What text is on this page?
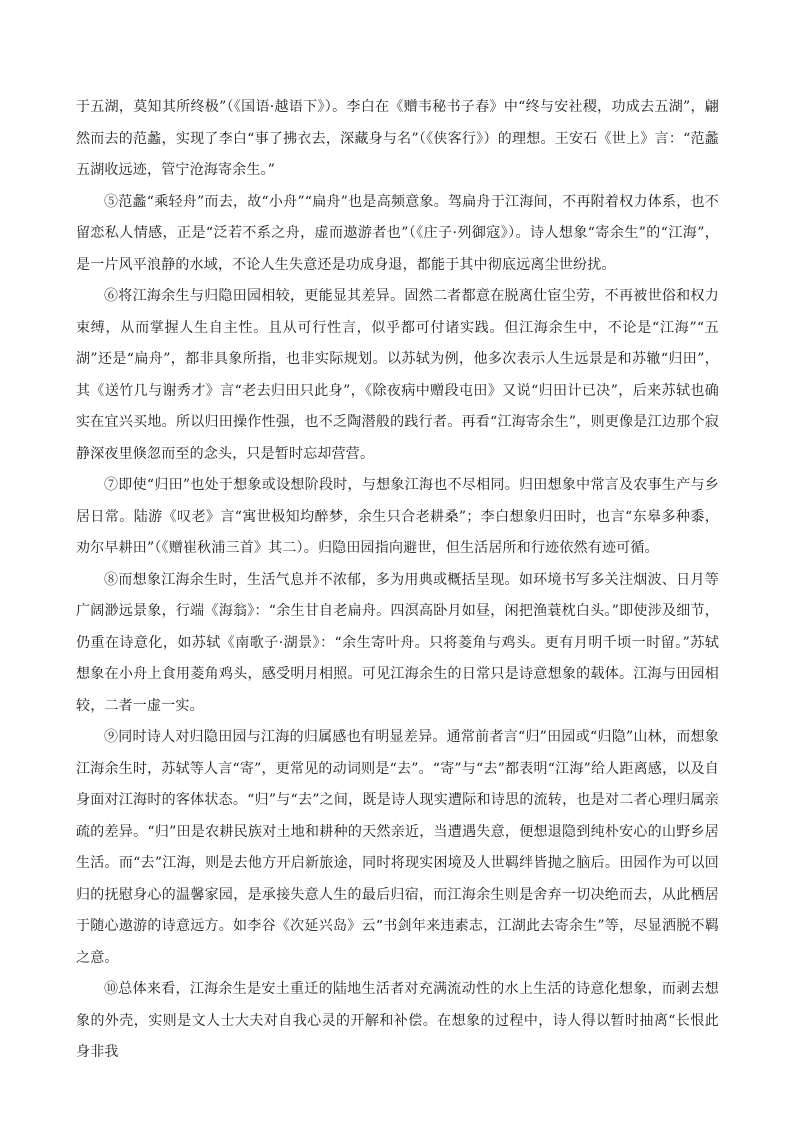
于五湖，莫知其所终极”（《国语·越语下》）。李白在《赠韦秘书子春》中“终与安社稷，功成去五湖”，翩然而去的范蠡，实现了李白“事了拂衣去，深藏身与名”（《侠客行》）的理想。王安石《世上》言：“范蠡五湖收远迹，管宁沧海寄余生。”

⑤范蠡“乘轻舟”而去，故“小舟”“扁舟”也是高频意象。驾扁舟于江海间，不再附着权力体系，也不留恋私人情感，正是“泛若不系之舟，虚而遨游者也”（《庄子·列御寇》）。诗人想象“寄余生”的“江海”，是一片风平浪静的水域，不论人生失意还是功成身退，都能于其中彻底远离尘世纷扰。

⑥将江海余生与归隐田园相较，更能显其差异。固然二者都意在脱离仕宦尘劳，不再被世俗和权力束缚，从而掌握人生自主性。且从可行性言，似乎都可付诸实践。但江海余生中，不论是“江海”“五湖”还是“扁舟”，都非具象所指，也非实际规划。以苏轼为例，他多次表示人生远景是和苏辙“归田”，其《送竹几与谢秀才》言“老去归田只此身”，《除夜病中赠段屯田》又说“归田计已决”，后来苏轼也确实在宜兴买地。所以归田操作性强，也不乏陶潜般的践行者。再看“江海寄余生”，则更像是江边那个寂静深夜里倏忽而至的念头，只是暂时忘却营营。

⑦即使“归田”也处于想象或设想阶段时，与想象江海也不尽相同。归田想象中常言及农事生产与乡居日常。陆游《叹老》言“寓世极知均醉梦，余生只合老耕桑”；李白想象归田时，也言“东皋多种黍，劝尔早耕田”（《赠崔秋浦三首》其二）。归隐田园指向避世，但生活居所和行迹依然有迹可循。

⑧而想象江海余生时，生活气息并不浓郁，多为用典或概括呈现。如环境书写多关注烟波、日月等广阔渺远景象，行端《海翁》：“余生甘自老扁舟。四溟高卧月如昼，闲把渔蓑枕白头。”即使涉及细节，仍重在诗意化，如苏轼《南歌子·湖景》：“余生寄叶舟。只将菱角与鸡头。更有月明千顷一时留。”苏轼想象在小舟上食用菱角鸡头，感受明月相照。可见江海余生的日常只是诗意想象的载体。江海与田园相较，二者一虚一实。

⑨同时诗人对归隐田园与江海的归属感也有明显差异。通常前者言“归”田园或“归隐”山林，而想象江海余生时，苏轼等人言“寄”，更常见的动词则是“去”。“寄”与“去”都表明“江海”给人距离感，以及自身面对江海时的客体状态。“归”与“去”之间，既是诗人现实遭际和诗思的流转，也是对二者心理归属亲疏的差异。“归”田是农耕民族对土地和耕种的天然亲近，当遭遇失意，便想退隐到纯朴安心的山野乡居生活。而“去”江海，则是去他方开启新旅途，同时将现实困境及人世羁绊皆抛之脑后。田园作为可以回归的抚慰身心的温馨家园，是承接失意人生的最后归宿，而江海余生则是舍弃一切决绝而去，从此栖居于随心遨游的诗意远方。如李谷《次延兴岛》云“书剑年来违素志，江湖此去寄余生”等，尽显洒脱不羁之意。

⑩总体来看，江海余生是安土重迁的陆地生活者对充满流动性的水上生活的诗意化想象，而剥去想象的外壳，实则是文人士大夫对自我心灵的开解和补偿。在想象的过程中，诗人得以暂时抽离“长恨此身非我
